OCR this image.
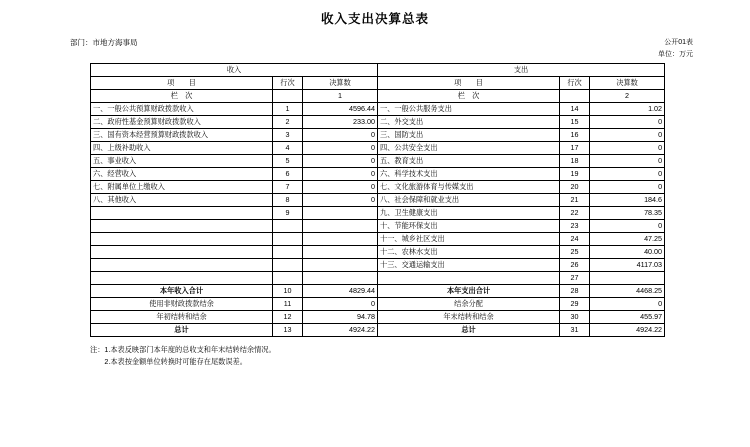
收入支出决算总表
部门：市地方海事局	公开01表
单位：万元
收入			支出		
项　　目	行次	决算数	项　　目	行次	决算数
栏　次		1	栏　次		2
一、一般公共预算财政拨款收入	1	4596.44	一、一般公共服务支出	14	1.02
二、政府性基金预算财政拨款收入	2	233.00	二、外交支出	15	0
三、国有资本经营预算财政拨款收入	3	0	三、国防支出	16	0
四、上级补助收入	4	0	四、公共安全支出	17	0
五、事业收入	5	0	五、教育支出	18	0
六、经营收入	6	0	六、科学技术支出	19	0
七、附属单位上缴收入	7	0	七、文化旅游体育与传媒支出	20	0
八、其他收入	8	0	八、社会保障和就业支出	21	184.6
	9		九、卫生健康支出	22	78.35
			十、节能环保支出	23	0
			十一、城乡社区支出	24	47.25
			十二、农林水支出	25	40.00
			十三、交通运输支出	26	4117.03
				27	
本年收入合计	10	4829.44	本年支出合计	28	4468.25
使用非财政拨款结余	11	0	结余分配	29	0
年初结转和结余	12	94.78	年末结转和结余	30	455.97
总计	13	4924.22	总计	31	4924.22
注：1.本表反映部门本年度的总收支和年末结转结余情况。
　　2.本表按金额单位转换时可能存在尾数误差。
